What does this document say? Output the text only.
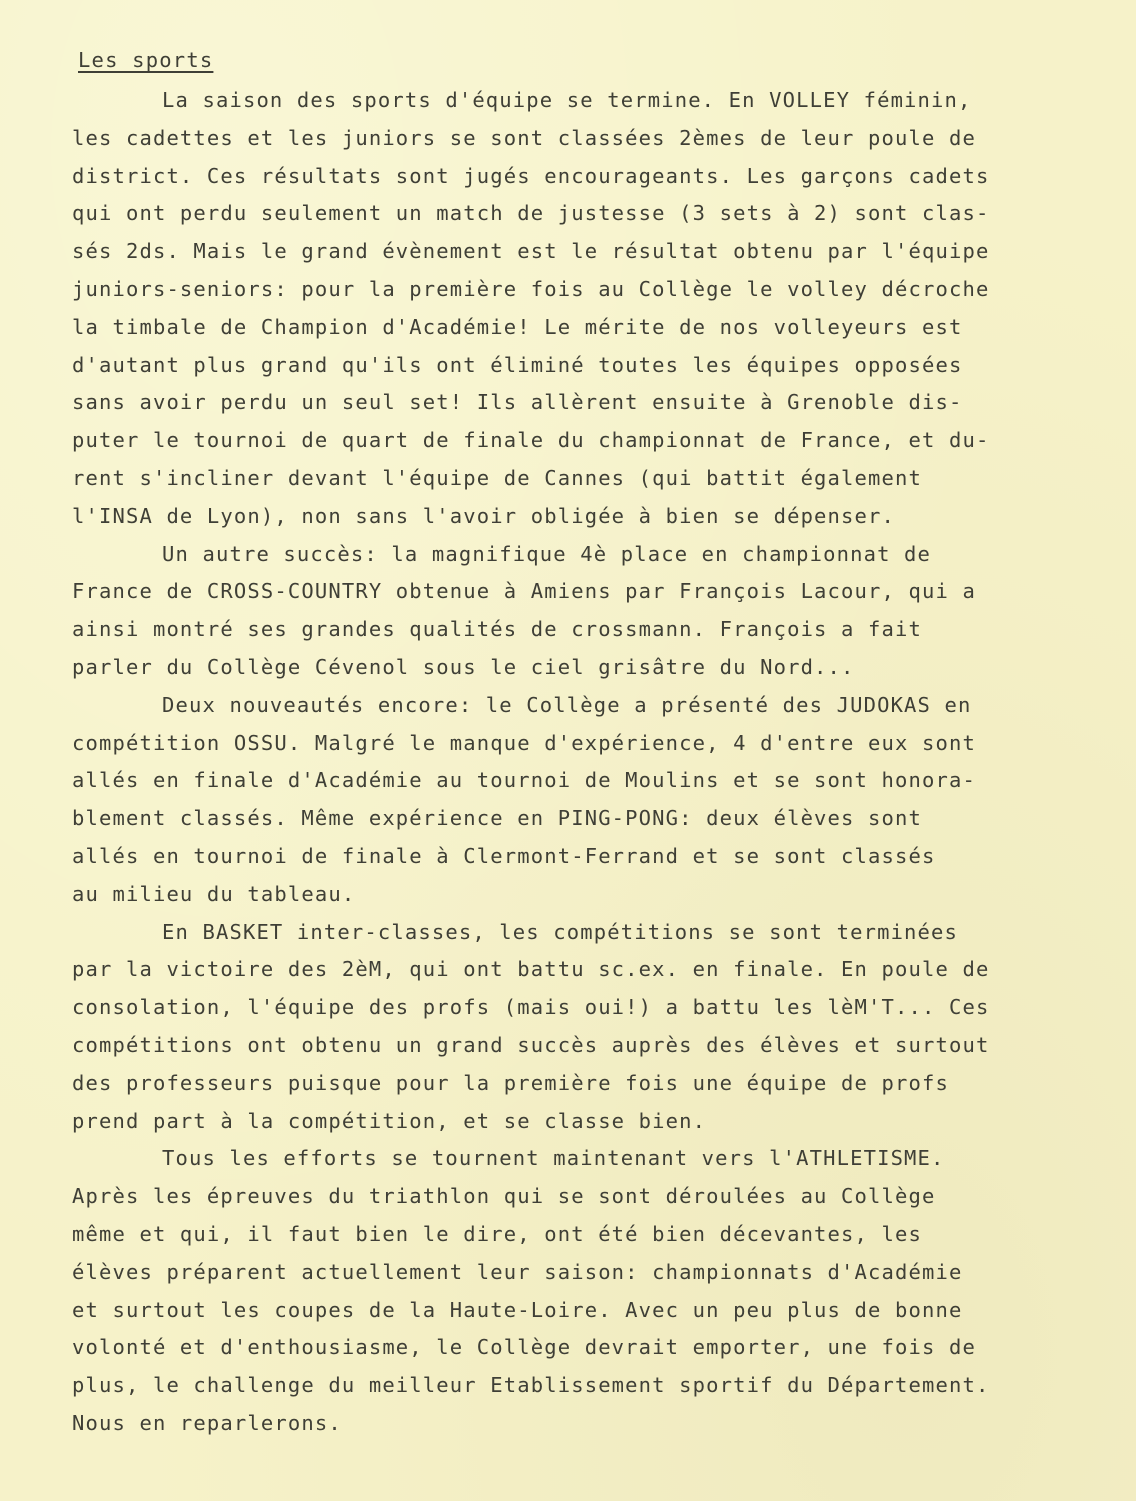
Les sports
La saison des sports d'équipe se termine. En VOLLEY féminin,
les cadettes et les juniors se sont classées 2èmes de leur poule de
district. Ces résultats sont jugés encourageants. Les garçons cadets
qui ont perdu seulement un match de justesse (3 sets à 2) sont clas-
sés 2ds. Mais le grand évènement est le résultat obtenu par l'équipe
juniors-seniors: pour la première fois au Collège le volley décroche
la timbale de Champion d'Académie! Le mérite de nos volleyeurs est
d'autant plus grand qu'ils ont éliminé toutes les équipes opposées
sans avoir perdu un seul set! Ils allèrent ensuite à Grenoble dis-
puter le tournoi de quart de finale du championnat de France, et du-
rent s'incliner devant l'équipe de Cannes (qui battit également
l'INSA de Lyon), non sans l'avoir obligée à bien se dépenser.
Un autre succès: la magnifique 4è place en championnat de
France de CROSS-COUNTRY obtenue à Amiens par François Lacour, qui a
ainsi montré ses grandes qualités de crossmann. François a fait
parler du Collège Cévenol sous le ciel grisâtre du Nord...
Deux nouveautés encore: le Collège a présenté des JUDOKAS en
compétition OSSU. Malgré le manque d'expérience, 4 d'entre eux sont
allés en finale d'Académie au tournoi de Moulins et se sont honora-
blement classés. Même expérience en PING-PONG: deux élèves sont
allés en tournoi de finale à Clermont-Ferrand et se sont classés
au milieu du tableau.
En BASKET inter-classes, les compétitions se sont terminées
par la victoire des 2èM, qui ont battu sc.ex. en finale. En poule de
consolation, l'équipe des profs (mais oui!) a battu les lèM'T... Ces
compétitions ont obtenu un grand succès auprès des élèves et surtout
des professeurs puisque pour la première fois une équipe de profs
prend part à la compétition, et se classe bien.
Tous les efforts se tournent maintenant vers l'ATHLETISME.
Après les épreuves du triathlon qui se sont déroulées au Collège
même et qui, il faut bien le dire, ont été bien décevantes, les
élèves préparent actuellement leur saison: championnats d'Académie
et surtout les coupes de la Haute-Loire. Avec un peu plus de bonne
volonté et d'enthousiasme, le Collège devrait emporter, une fois de
plus, le challenge du meilleur Etablissement sportif du Département.
Nous en reparlerons.
